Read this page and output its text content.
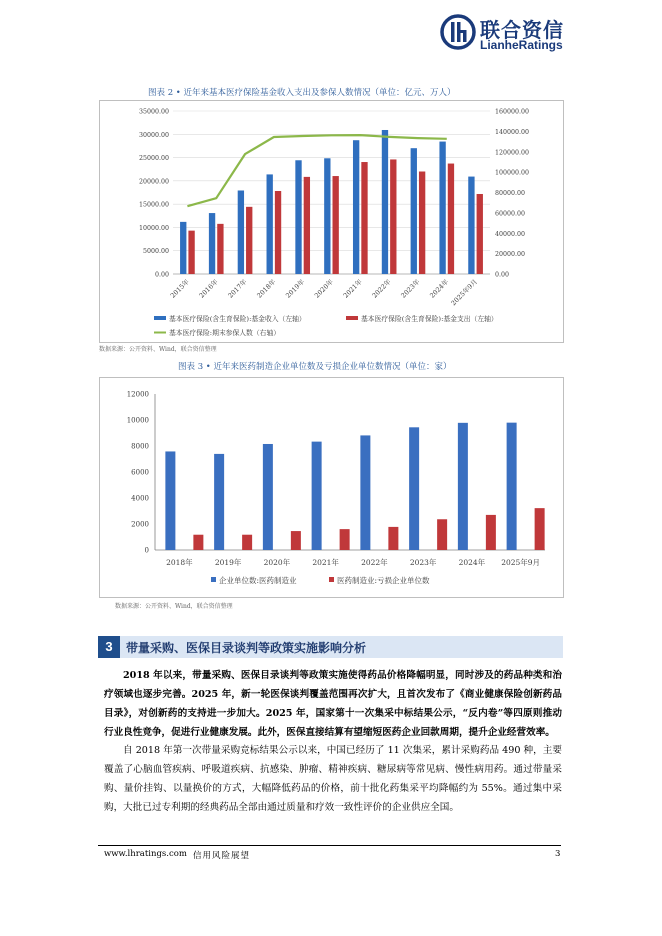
联合资信
LianheRatings
图表 2 • 近年来基本医疗保险基金收入支出及参保人数情况（单位：亿元、万人）
0.00
5000.00
10000.00
15000.00
20000.00
25000.00
30000.00
35000.00
0.00
20000.00
40000.00
60000.00
80000.00
100000.00
120000.00
140000.00
160000.00
2015年 2016年 2017年 2018年 2019年 2020年 2021年 2022年 2023年 2024年 2025年9月
基本医疗保险(含生育保险):基金收入（左轴）	基本医疗保险(含生育保险):基金支出（左轴）
基本医疗保险:期末参保人数（右轴）
数据来源：公开资料、Wind，联合资信整理
图表 3 • 近年来医药制造企业单位数及亏损企业单位数情况（单位：家）
0
2000
4000
6000
8000
10000
12000
2018年	2019年	2020年	2021年	2022年	2023年	2024年 2025年9月
企业单位数:医药制造业	医药制造业:亏损企业单位数
数据来源：公开资料、Wind，联合资信整理
3	带量采购、医保目录谈判等政策实施影响分析
2018 年以来，带量采购、医保目录谈判等政策实施使得药品价格降幅明显，同时涉及的药品种类和治疗领域也逐步完善。2025 年，新一轮医保谈判覆盖范围再次扩大，且首次发布了《商业健康保险创新药品目录》，对创新药的支持进一步加大。2025 年，国家第十一次集采中标结果公示，“反内卷”等四原则推动行业良性竞争，促进行业健康发展。此外，医保直接结算有望缩短医药企业回款周期，提升企业经营效率。
自 2018 年第一次带量采购竞标结果公示以来，中国已经历了 11 次集采，累计采购药品 490 种，主要覆盖了心脑血管疾病、呼吸道疾病、抗感染、肿瘤、精神疾病、糖尿病等常见病、慢性病用药。通过带量采购、量价挂钩、以量换价的方式，大幅降低药品的价格，前十批化药集采平均降幅约为 55%。通过集中采购，大批已过专利期的经典药品全部由通过质量和疗效一致性评价的企业供应全国。
www.lhratings.com 信用风险展望	3
